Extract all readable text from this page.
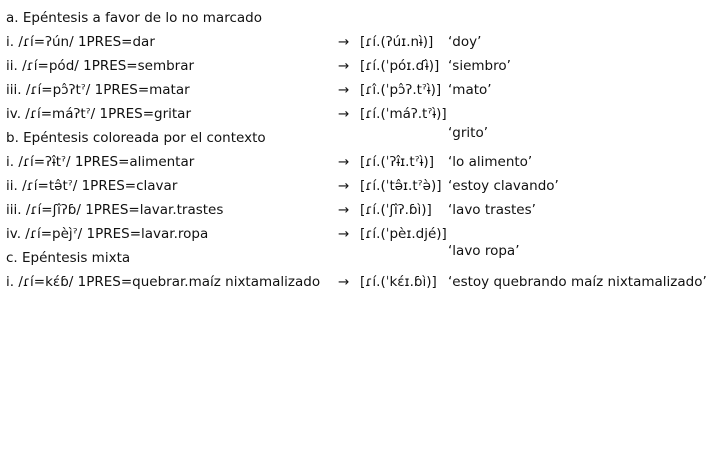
a. Epéntesis a favor de lo no marcado			
i. /ɾí=ʔún/ 1PRES=dar	→	[ɾí.(ʔúɪ.nɨ̀)]	‘doy’
ii. /ɾí=pód/ 1PRES=sembrar	→	[ɾí.(ˈpóɪ.ɗɨ̀)]	‘siembro’
iii. /ɾí=pɔ̂ʔtˀ/ 1PRES=matar	→	[ɾî.(ˈpɔ̂ʔ.tˀɨ̀)]	‘mato’
iv. /ɾí=máʔtˀ/ 1PRES=gritar	→	[ɾí.(ˈmáʔ.tˀɨ̀)]	‘grito’
b. Epéntesis coloreada por el contexto			
i. /ɾí=ʔɨ̂tˀ/ 1PRES=alimentar	→	[ɾí.(ˈʔɨ̂ɪ.tˀɨ̀)]	‘lo alimento’
ii. /ɾí=tə̂tˀ/ 1PRES=clavar	→	[ɾí.(ˈtə̂ɪ.tˀə̀)]	‘estoy clavando’
iii. /ɾí=ʃîʔɓ/ 1PRES=lavar.trastes	→	[ɾí.(ˈʃîʔ.ɓì)]	‘lavo trastes’
iv. /ɾí=pèj̀ˀ/ 1PRES=lavar.ropa	→	[ɾí.(ˈpèɪ.djé)]	‘lavo ropa’
c. Epéntesis mixta			
i. /ɾí=kɛ́ɓ/ 1PRES=quebrar.maíz nixtamalizado	→	[ɾí.(ˈkɛ́ɪ.ɓì)]	‘estoy quebrando maíz nixtamalizado’
